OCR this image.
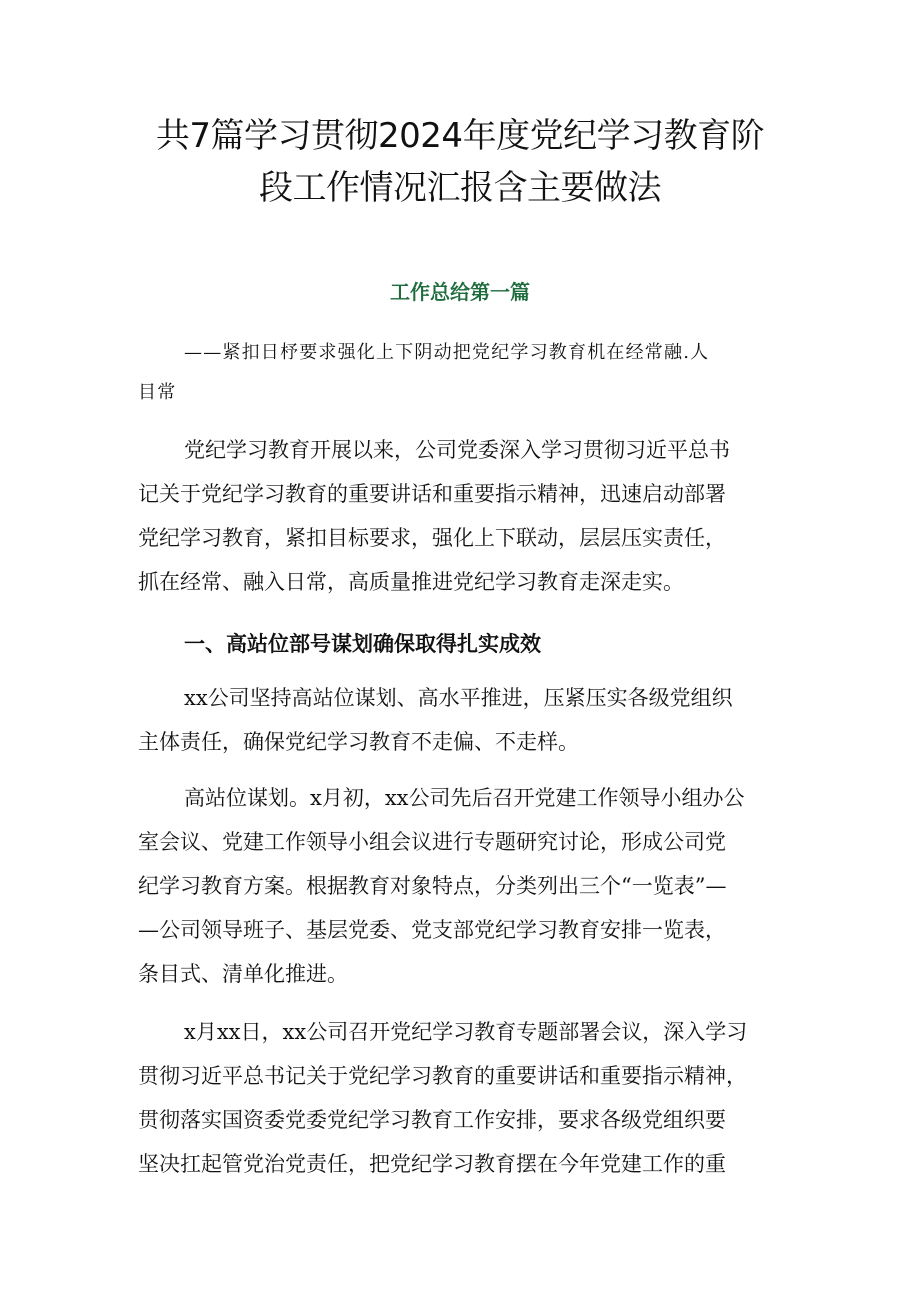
共7篇学习贯彻2024年度党纪学习教育阶
段工作情况汇报含主要做法
工作总给第一篇

——紧扣日杼要求强化上下阴动把党纪学习教育机在经常融.人
目常

党纪学习教育开展以来，公司党委深入学习贯彻习近平总书
记关于党纪学习教育的重要讲话和重要指示精神，迅速启动部署
党纪学习教育，紧扣目标要求，强化上下联动，层层压实责任，
抓在经常、融入日常，高质量推进党纪学习教育走深走实。

一、高站位部号谋划确保取得扎实成效

xx公司坚持高站位谋划、高水平推进，压紧压实各级党组织
主体责任，确保党纪学习教育不走偏、不走样。

高站位谋划。x月初，xx公司先后召开党建工作领导小组办公
室会议、党建工作领导小组会议进行专题研究讨论，形成公司党
纪学习教育方案。根据教育对象特点，分类列出三个“一览表”—
—公司领导班子、基层党委、党支部党纪学习教育安排一览表，
条目式、清单化推进。

x月xx日，xx公司召开党纪学习教育专题部署会议，深入学习
贯彻习近平总书记关于党纪学习教育的重要讲话和重要指示精神，
贯彻落实国资委党委党纪学习教育工作安排，要求各级党组织要
坚决扛起管党治党责任，把党纪学习教育摆在今年党建工作的重
